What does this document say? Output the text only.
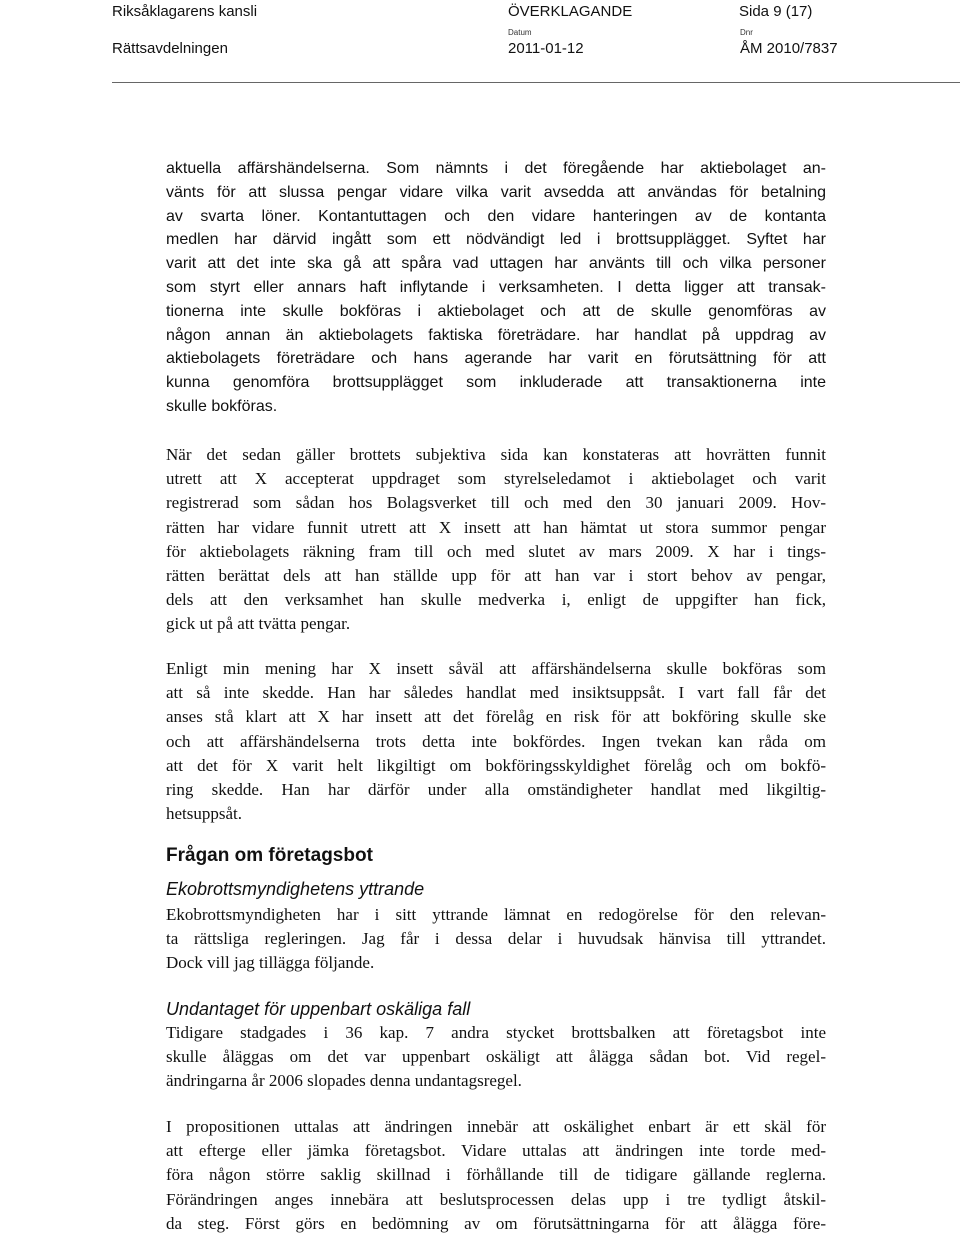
Riksåklagarens kansli
Rättsavdelningen
ÖVERKLAGANDE	Sida 9 (17)
Datum
2011-01-12
Dnr
ÅM 2010/7837
aktuella affärshändelserna. Som nämnts i det föregående har aktiebolaget an-
vänts för att slussa pengar vidare vilka varit avsedda att användas för betalning
av svarta löner. Kontantuttagen och den vidare hanteringen av de kontanta
medlen har därvid ingått som ett nödvändigt led i brottsupplägget. Syftet har
varit att det inte ska gå att spåra vad uttagen har använts till och vilka personer
som styrt eller annars haft inflytande i verksamheten. I detta ligger att transak-
tionerna inte skulle bokföras i aktiebolaget och att de skulle genomföras av
någon annan än aktiebolagets faktiska företrädare. har handlat på uppdrag av
aktiebolagets företrädare och hans agerande har varit en förutsättning för att
kunna genomföra brottsupplägget som inkluderade att transaktionerna inte
skulle bokföras.
När det sedan gäller brottets subjektiva sida kan konstateras att hovrätten funnit
utrett att X accepterat uppdraget som styrelseledamot i aktiebolaget och varit
registrerad som sådan hos Bolagsverket till och med den 30 januari 2009. Hov-
rätten har vidare funnit utrett att X insett att han hämtat ut stora summor pengar
för aktiebolagets räkning fram till och med slutet av mars 2009. X har i tings-
rätten berättat dels att han ställde upp för att han var i stort behov av pengar,
dels att den verksamhet han skulle medverka i, enligt de uppgifter han fick,
gick ut på att tvätta pengar.
Enligt min mening har X insett såväl att affärshändelserna skulle bokföras som
att så inte skedde. Han har således handlat med insiktsuppsåt. I vart fall får det
anses stå klart att X har insett att det förelåg en risk för att bokföring skulle ske
och att affärshändelserna trots detta inte bokfördes. Ingen tvekan kan råda om
att det för X varit helt likgiltigt om bokföringsskyldighet förelåg och om bokfö-
ring skedde. Han har därför under alla omständigheter handlat med likgiltig-
hetsuppsåt.
Frågan om företagsbot
Ekobrottsmyndighetens yttrande
Ekobrottsmyndigheten har i sitt yttrande lämnat en redogörelse för den relevan-
ta rättsliga regleringen. Jag får i dessa delar i huvudsak hänvisa till yttrandet.
Dock vill jag tillägga följande.
Undantaget för uppenbart oskäliga fall
Tidigare stadgades i 36 kap. 7 andra stycket brottsbalken att företagsbot inte
skulle åläggas om det var uppenbart oskäligt att ålägga sådan bot. Vid regel-
ändringarna år 2006 slopades denna undantagsregel.
I propositionen uttalas att ändringen innebär att oskälighet enbart är ett skäl för
att efterge eller jämka företagsbot. Vidare uttalas att ändringen inte torde med-
föra någon större saklig skillnad i förhållande till de tidigare gällande reglerna.
Förändringen anges innebära att beslutsprocessen delas upp i tre tydligt åtskil-
da steg. Först görs en bedömning av om förutsättningarna för att ålägga före-
